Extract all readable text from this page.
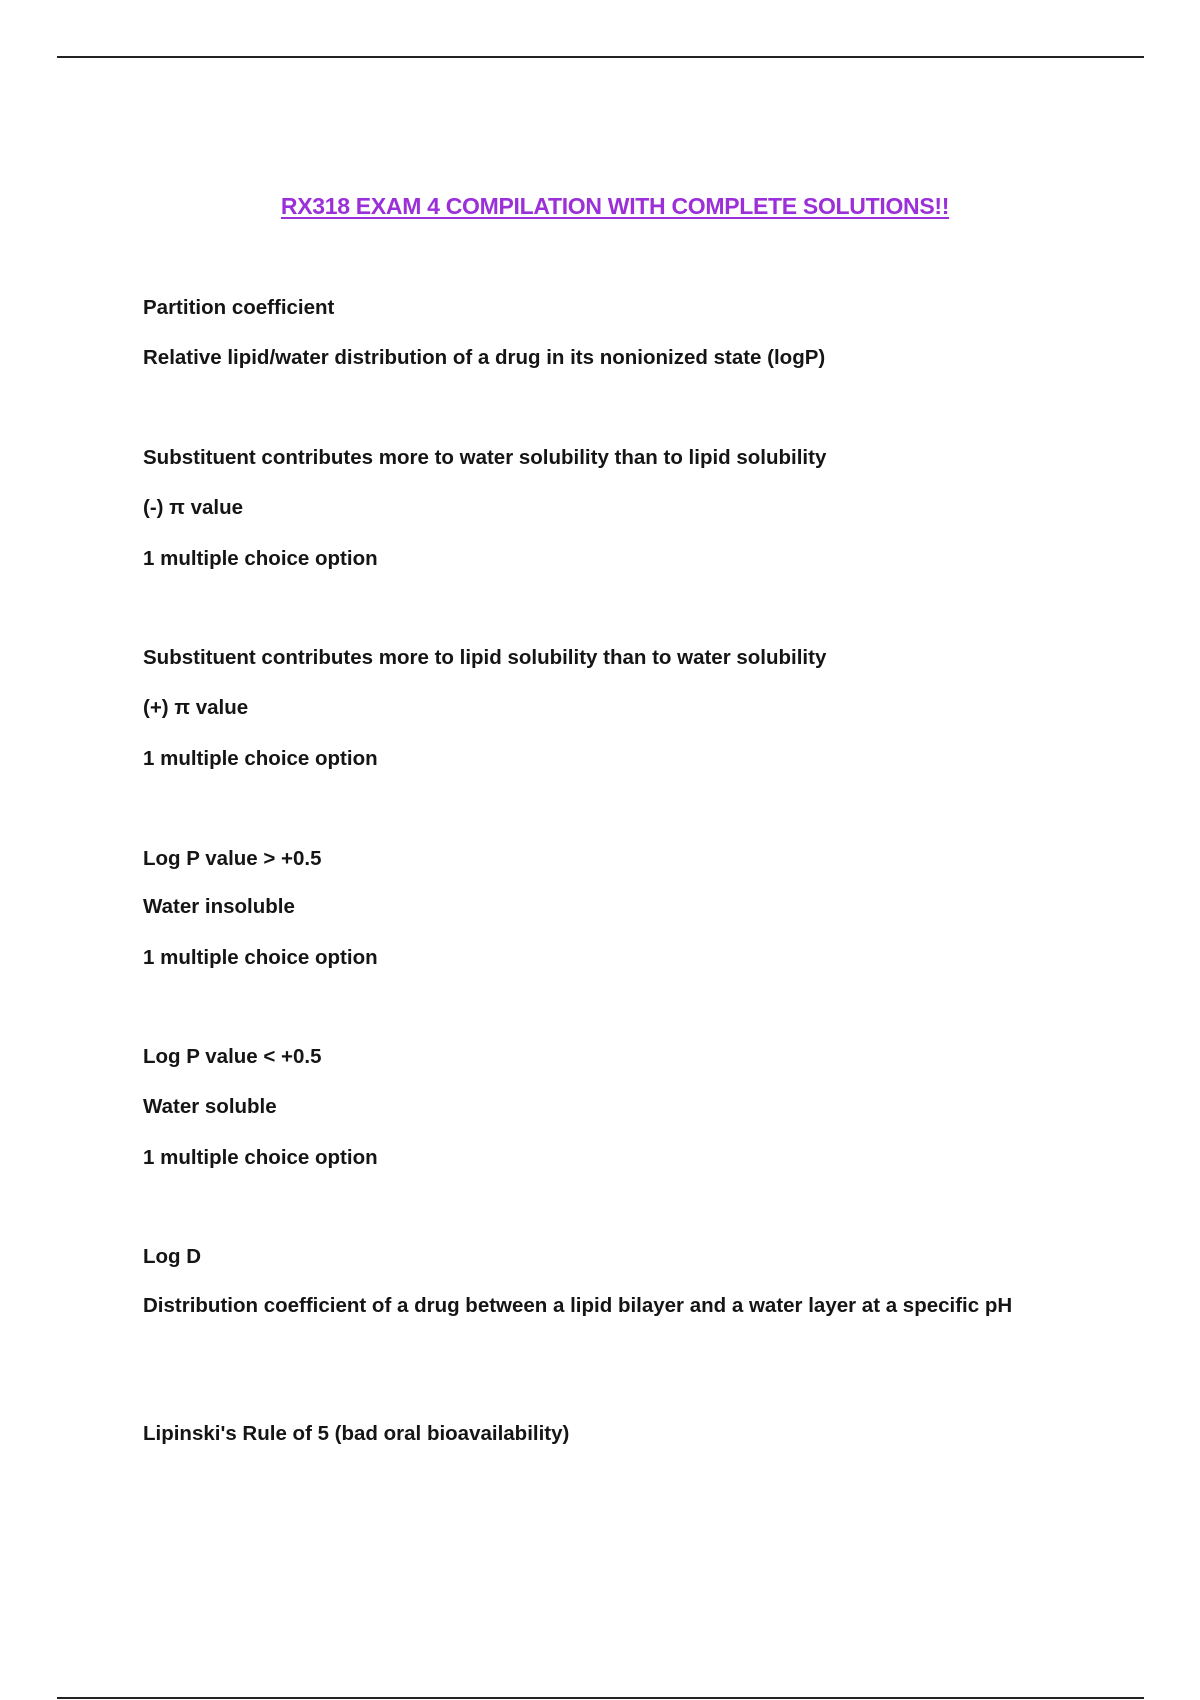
RX318 EXAM 4 COMPILATION WITH COMPLETE SOLUTIONS!!
Partition coefficient
Relative lipid/water distribution of a drug in its nonionized state (logP)
Substituent contributes more to water solubility than to lipid solubility
(-) π value
1 multiple choice option
Substituent contributes more to lipid solubility than to water solubility
(+) π value
1 multiple choice option
Log P value > +0.5
Water insoluble
1 multiple choice option
Log P value < +0.5
Water soluble
1 multiple choice option
Log D
Distribution coefficient of a drug between a lipid bilayer and a water layer at a specific pH
Lipinski's Rule of 5 (bad oral bioavailability)
